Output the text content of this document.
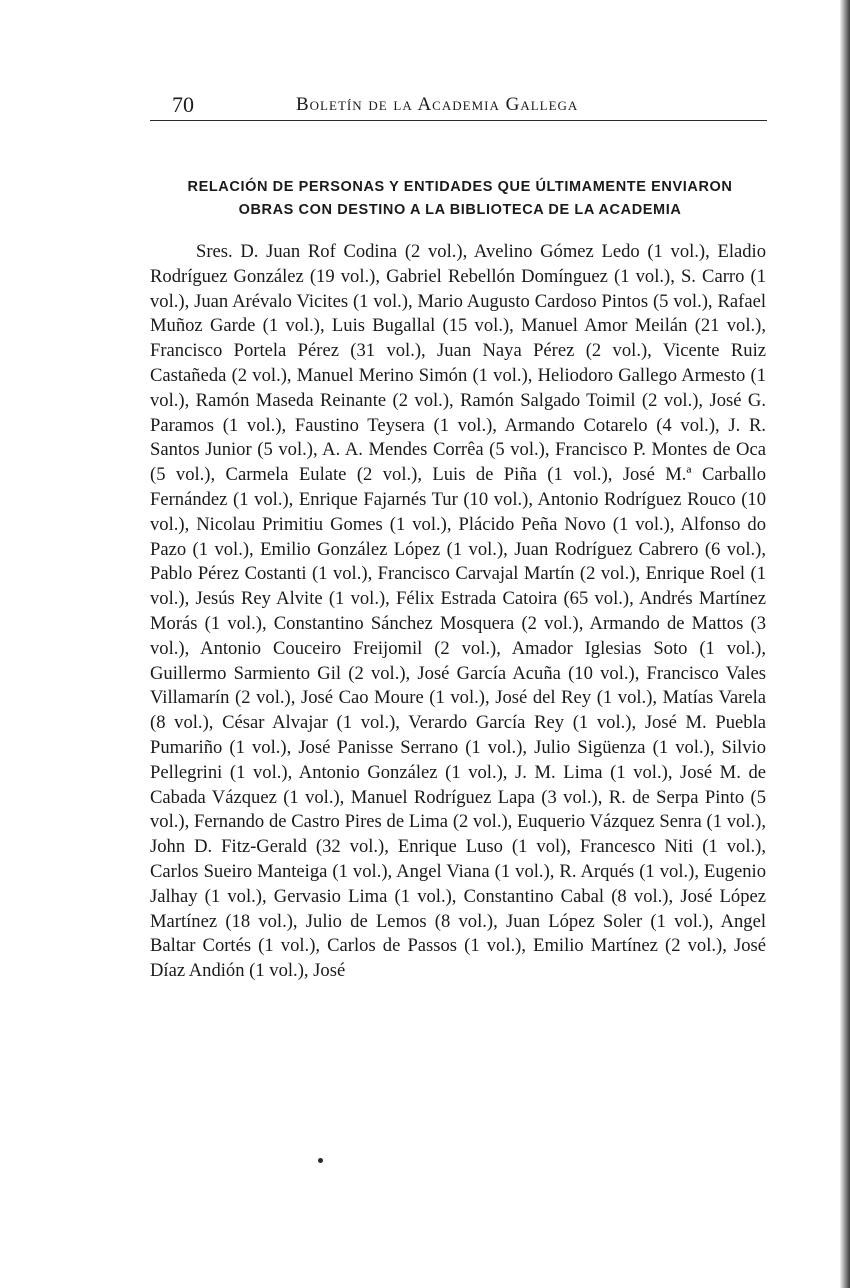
70	Boletín de la Academia Gallega
RELACIÓN DE PERSONAS Y ENTIDADES QUE ÚLTIMAMENTE ENVIARON
OBRAS CON DESTINO A LA BIBLIOTECA DE LA ACADEMIA

Sres. D. Juan Rof Codina (2 vol.), Avelino Gómez Ledo (1 vol.), Eladio Rodríguez González (19 vol.), Gabriel Rebellón Domínguez (1 vol.), S. Carro (1 vol.), Juan Arévalo Vicites (1 vol.), Mario Augusto Cardoso Pintos (5 vol.), Rafael Muñoz Garde (1 vol.), Luis Bugallal (15 vol.), Manuel Amor Meilán (21 vol.), Francisco Portela Pérez (31 vol.), Juan Naya Pérez (2 vol.), Vicente Ruiz Castañeda (2 vol.), Manuel Merino Simón (1 vol.), Heliodoro Gallego Armesto (1 vol.), Ramón Maseda Reinante (2 vol.), Ramón Salgado Toimil (2 vol.), José G. Paramos (1 vol.), Faustino Teysera (1 vol.), Armando Cotarelo (4 vol.), J. R. Santos Junior (5 vol.), A. A. Mendes Corrêa (5 vol.), Francisco P. Montes de Oca (5 vol.), Carmela Eulate (2 vol.), Luis de Piña (1 vol.), José M.ª Carballo Fernández (1 vol.), Enrique Fajarnés Tur (10 vol.), Antonio Rodríguez Rouco (10 vol.), Nicolau Primitiu Gomes (1 vol.), Plácido Peña Novo (1 vol.), Alfonso do Pazo (1 vol.), Emilio González López (1 vol.), Juan Rodríguez Cabrero (6 vol.), Pablo Pérez Costanti (1 vol.), Francisco Carvajal Martín (2 vol.), Enrique Roel (1 vol.), Jesús Rey Alvite (1 vol.), Félix Estrada Catoira (65 vol.), Andrés Martínez Morás (1 vol.), Constantino Sánchez Mosquera (2 vol.), Armando de Mattos (3 vol.), Antonio Couceiro Freijomil (2 vol.), Amador Iglesias Soto (1 vol.), Guillermo Sarmiento Gil (2 vol.), José García Acuña (10 vol.), Francisco Vales Villamarín (2 vol.), José Cao Moure (1 vol.), José del Rey (1 vol.), Matías Varela (8 vol.), César Alvajar (1 vol.), Verardo García Rey (1 vol.), José M. Puebla Pumariño (1 vol.), José Panisse Serrano (1 vol.), Julio Sigüenza (1 vol.), Silvio Pellegrini (1 vol.), Antonio González (1 vol.), J. M. Lima (1 vol.), José M. de Cabada Vázquez (1 vol.), Manuel Rodríguez Lapa (3 vol.), R. de Serpa Pinto (5 vol.), Fernando de Castro Pires de Lima (2 vol.), Euquerio Vázquez Senra (1 vol.), John D. Fitz-Gerald (32 vol.), Enrique Luso (1 vol), Francesco Niti (1 vol.), Carlos Sueiro Manteiga (1 vol.), Angel Viana (1 vol.), R. Arqués (1 vol.), Eugenio Jalhay (1 vol.), Gervasio Lima (1 vol.), Constantino Cabal (8 vol.), José López Martínez (18 vol.), Julio de Lemos (8 vol.), Juan López Soler (1 vol.), Angel Baltar Cortés (1 vol.), Carlos de Passos (1 vol.), Emilio Martínez (2 vol.), José Díaz Andión (1 vol.), José
